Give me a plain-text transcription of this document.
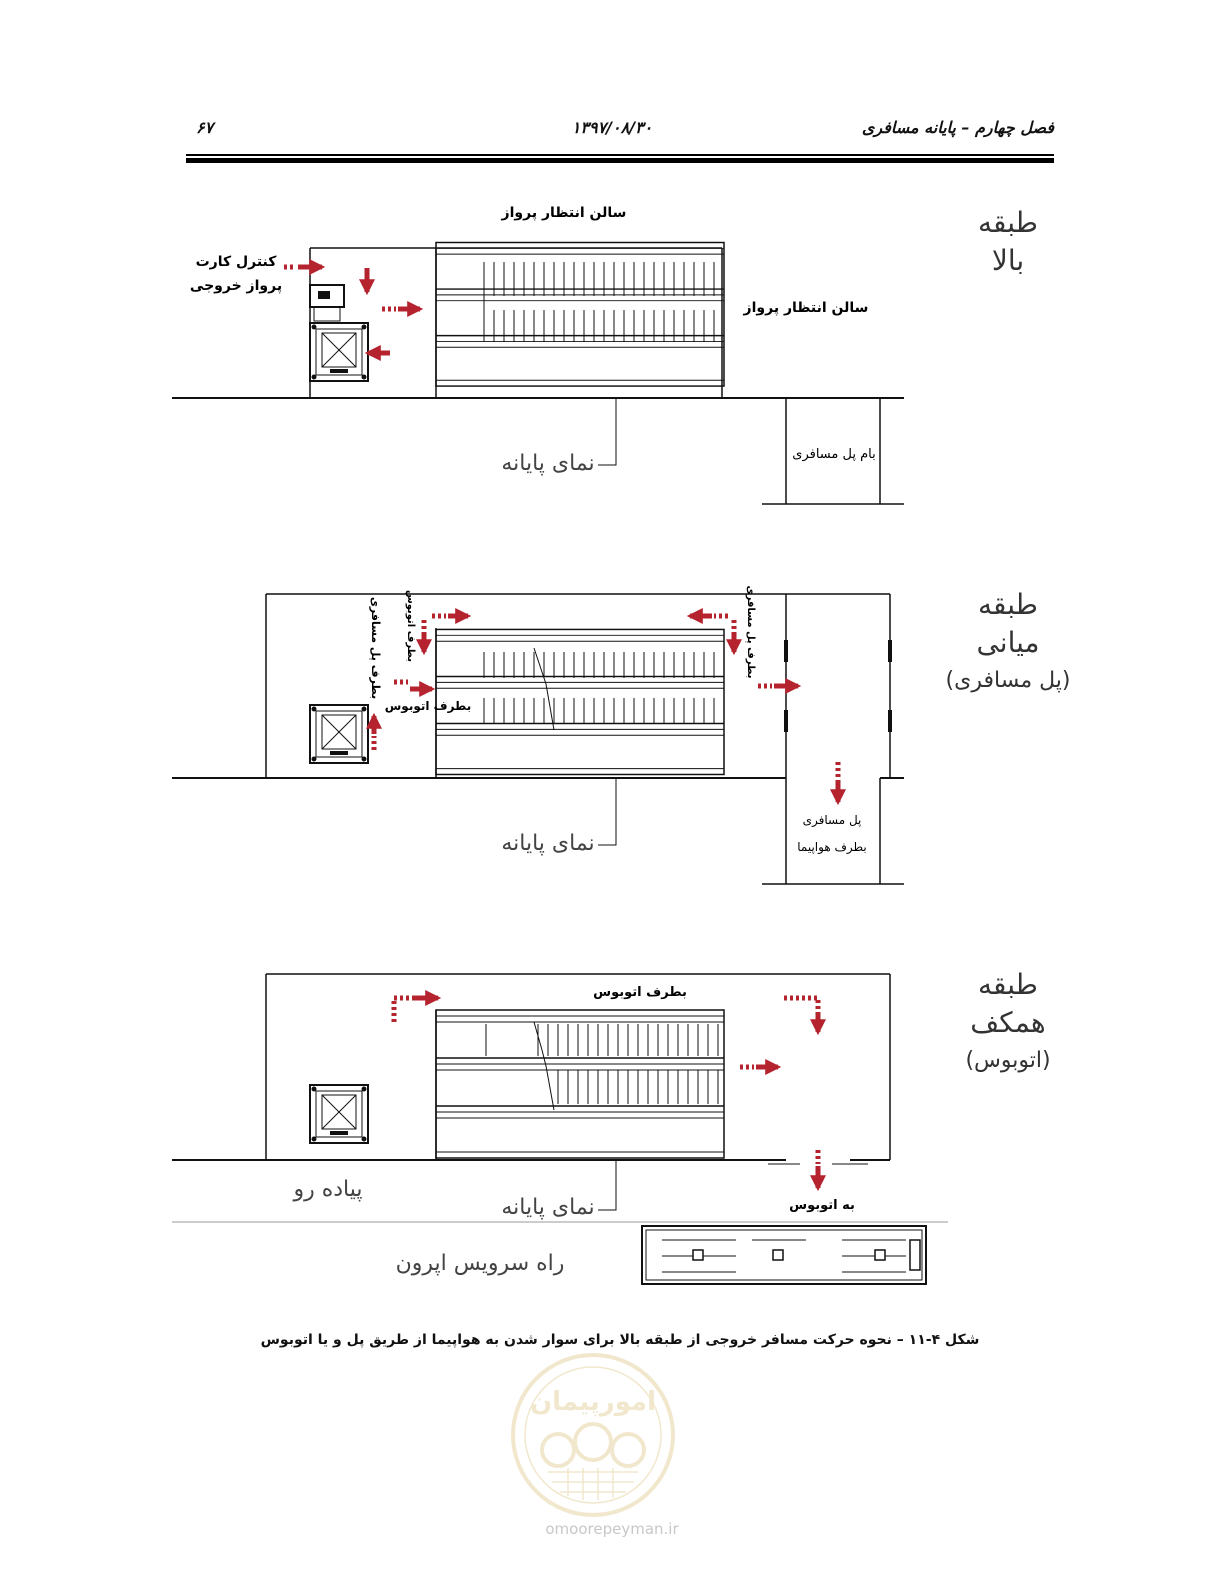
۶۷	۱۳۹۷/۰۸/۳۰	فصل چهارم – پایانه مسافری
طبقه
بالا
طبقه
میانی
(پل مسافری)
طبقه
همکف
(اتوبوس)
سالن انتظار پرواز
سالن انتظار پرواز
کنترل کارت
پرواز خروجی
نمای پایانه	بام پل مسافری
بطرف پل مسافری بطرف اتوبوس	بطرف پل مسافری
بطرف اتوبوس
نمای پایانه
پل مسافری
بطرف هواپیما
بطرف اتوبوس
به اتوبوس
پیاده رو
نمای پایانه
راه سرویس اپرون
شکل ۴-۱۱ – نحوه حرکت مسافر خروجی از طبقه بالا برای سوار شدن به هواپیما از طریق پل و یا اتوبوس
امورپیمان
omoorepeyman.ir
